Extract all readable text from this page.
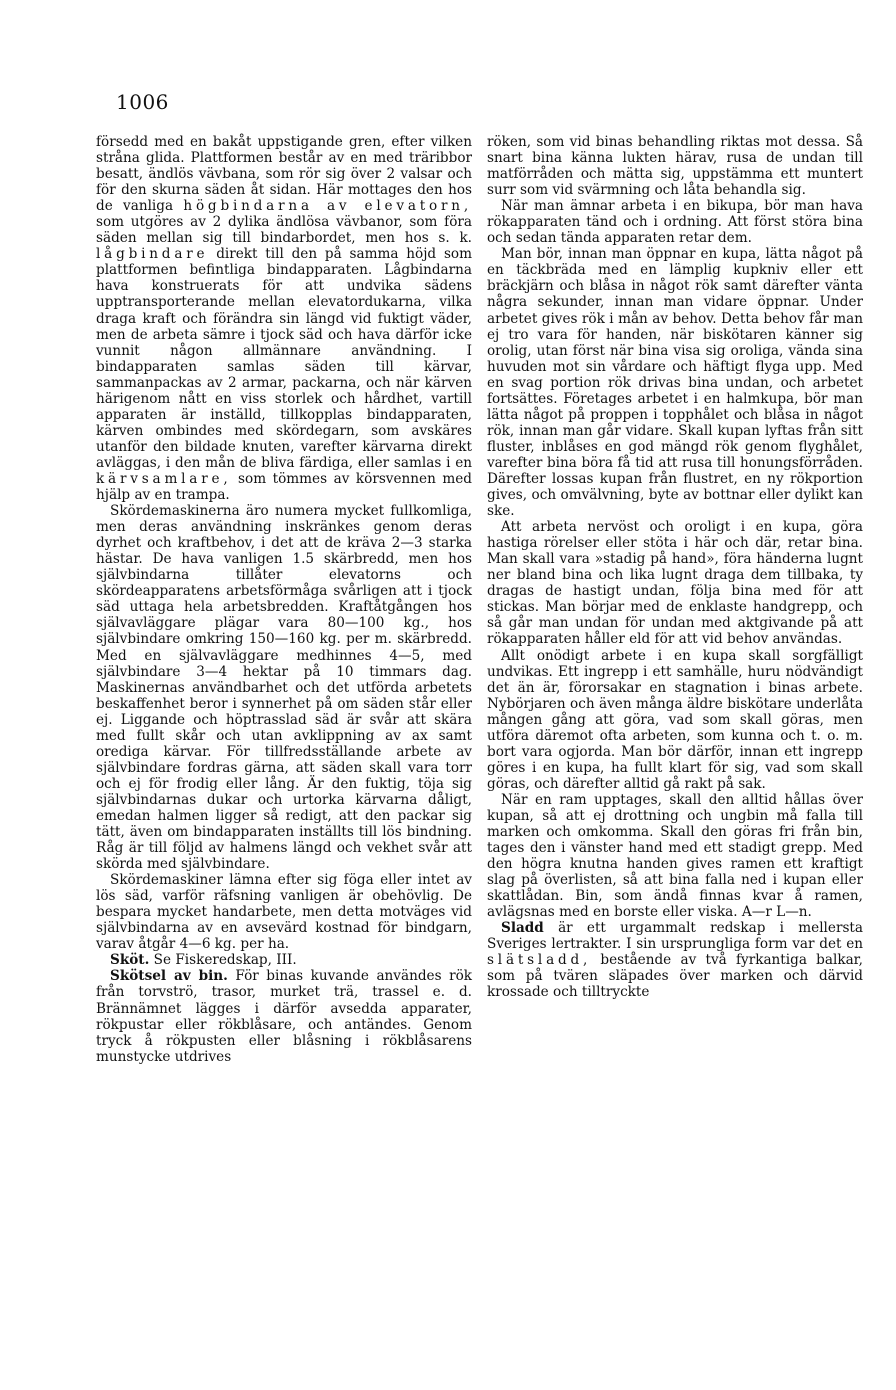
1006

försedd med en bakåt uppstigande gren, efter vilken stråna glida. Plattformen består av en med träribbor besatt, ändlös vävbana, som rör sig över 2 valsar och för den skurna säden åt sidan. Här mottages den hos de vanliga högbindarna av elevatorn, som utgöres av 2 dylika ändlösa vävbanor, som föra säden mellan sig till bindarbordet, men hos s. k. lågbindare direkt till den på samma höjd som plattformen befintliga bindapparaten. Lågbindarna hava konstruerats för att undvika sädens upptransporterande mellan elevatordukarna, vilka draga kraft och förändra sin längd vid fuktigt väder, men de arbeta sämre i tjock säd och hava därför icke vunnit någon allmännare användning. I bindapparaten samlas säden till kärvar, sammanpackas av 2 armar, packarna, och när kärven härigenom nått en viss storlek och hårdhet, vartill apparaten är inställd, tillkopplas bindapparaten, kärven ombindes med skördegarn, som avskäres utanför den bildade knuten, varefter kärvarna direkt avläggas, i den mån de bliva färdiga, eller samlas i en kärvsamlare, som tömmes av körsvennen med hjälp av en trampa.

Skördemaskinerna äro numera mycket fullkomliga, men deras användning inskränkes genom deras dyrhet och kraftbehov, i det att de kräva 2—3 starka hästar. De hava vanligen 1.5 skärbredd, men hos självbindarna tillåter elevatorns och skördeapparatens arbetsförmåga svårligen att i tjock säd uttaga hela arbetsbredden. Kraftåtgången hos självavläggare plägar vara 80—100 kg., hos självbindare omkring 150—160 kg. per m. skärbredd. Med en självavläggare medhinnes 4—5, med självbindare 3—4 hektar på 10 timmars dag. Maskinernas användbarhet och det utförda arbetets beskaffenhet beror i synnerhet på om säden står eller ej. Liggande och höptrasslad säd är svår att skära med fullt skår och utan avklippning av ax samt orediga kärvar. För tillfredsställande arbete av självbindare fordras gärna, att säden skall vara torr och ej för frodig eller lång. Är den fuktig, töja sig självbindarnas dukar och urtorka kärvarna dåligt, emedan halmen ligger så redigt, att den packar sig tätt, även om bindapparaten inställts till lös bindning. Råg är till följd av halmens längd och vekhet svår att skörda med självbindare.

Skördemaskiner lämna efter sig föga eller intet av lös säd, varför räfsning vanligen är obehövlig. De bespara mycket handarbete, men detta motväges vid självbindarna av en avsevärd kostnad för bindgarn, varav åtgår 4—6 kg. per ha.

Sköt. Se Fiskeredskap, III.

Skötsel av bin. För binas kuvande användes rök från torvströ, trasor, murket trä, trassel e. d. Brännämnet lägges i därför avsedda apparater, rökpustar eller rökblåsare, och antändes. Genom tryck å rökpusten eller blåsning i rökblåsarens munstycke utdrives

röken, som vid binas behandling riktas mot dessa. Så snart bina känna lukten härav, rusa de undan till matförråden och mätta sig, uppstämma ett muntert surr som vid svärmning och låta behandla sig.

När man ämnar arbeta i en bikupa, bör man hava rökapparaten tänd och i ordning. Att först störa bina och sedan tända apparaten retar dem.

Man bör, innan man öppnar en kupa, lätta något på en täckbräda med en lämplig kupkniv eller ett bräckjärn och blåsa in något rök samt därefter vänta några sekunder, innan man vidare öppnar. Under arbetet gives rök i mån av behov. Detta behov får man ej tro vara för handen, när biskötaren känner sig orolig, utan först när bina visa sig oroliga, vända sina huvuden mot sin vårdare och häftigt flyga upp. Med en svag portion rök drivas bina undan, och arbetet fortsättes. Företages arbetet i en halmkupa, bör man lätta något på proppen i topphålet och blåsa in något rök, innan man går vidare. Skall kupan lyftas från sitt fluster, inblåses en god mängd rök genom flyghålet, varefter bina böra få tid att rusa till honungsförråden. Därefter lossas kupan från flustret, en ny rökportion gives, och omvälvning, byte av bottnar eller dylikt kan ske.

Att arbeta nervöst och oroligt i en kupa, göra hastiga rörelser eller stöta i här och där, retar bina. Man skall vara »stadig på hand», föra händerna lugnt ner bland bina och lika lugnt draga dem tillbaka, ty dragas de hastigt undan, följa bina med för att stickas. Man börjar med de enklaste handgrepp, och så går man undan för undan med aktgivande på att rökapparaten håller eld för att vid behov användas.

Allt onödigt arbete i en kupa skall sorgfälligt undvikas. Ett ingrepp i ett samhälle, huru nödvändigt det än är, förorsakar en stagnation i binas arbete. Nybörjaren och även många äldre biskötare underlåta mången gång att göra, vad som skall göras, men utföra däremot ofta arbeten, som kunna och t. o. m. bort vara ogjorda. Man bör därför, innan ett ingrepp göres i en kupa, ha fullt klart för sig, vad som skall göras, och därefter alltid gå rakt på sak.

När en ram upptages, skall den alltid hållas över kupan, så att ej drottning och ungbin må falla till marken och omkomma. Skall den göras fri från bin, tages den i vänster hand med ett stadigt grepp. Med den högra knutna handen gives ramen ett kraftigt slag på överlisten, så att bina falla ned i kupan eller skattlådan. Bin, som ändå finnas kvar å ramen, avlägsnas med en borste eller viska. A—r L—n.

Sladd är ett urgammalt redskap i mellersta Sveriges lertrakter. I sin ursprungliga form var det en slätsladd, bestående av två fyrkantiga balkar, som på tvären släpades över marken och därvid krossade och tilltryckte
